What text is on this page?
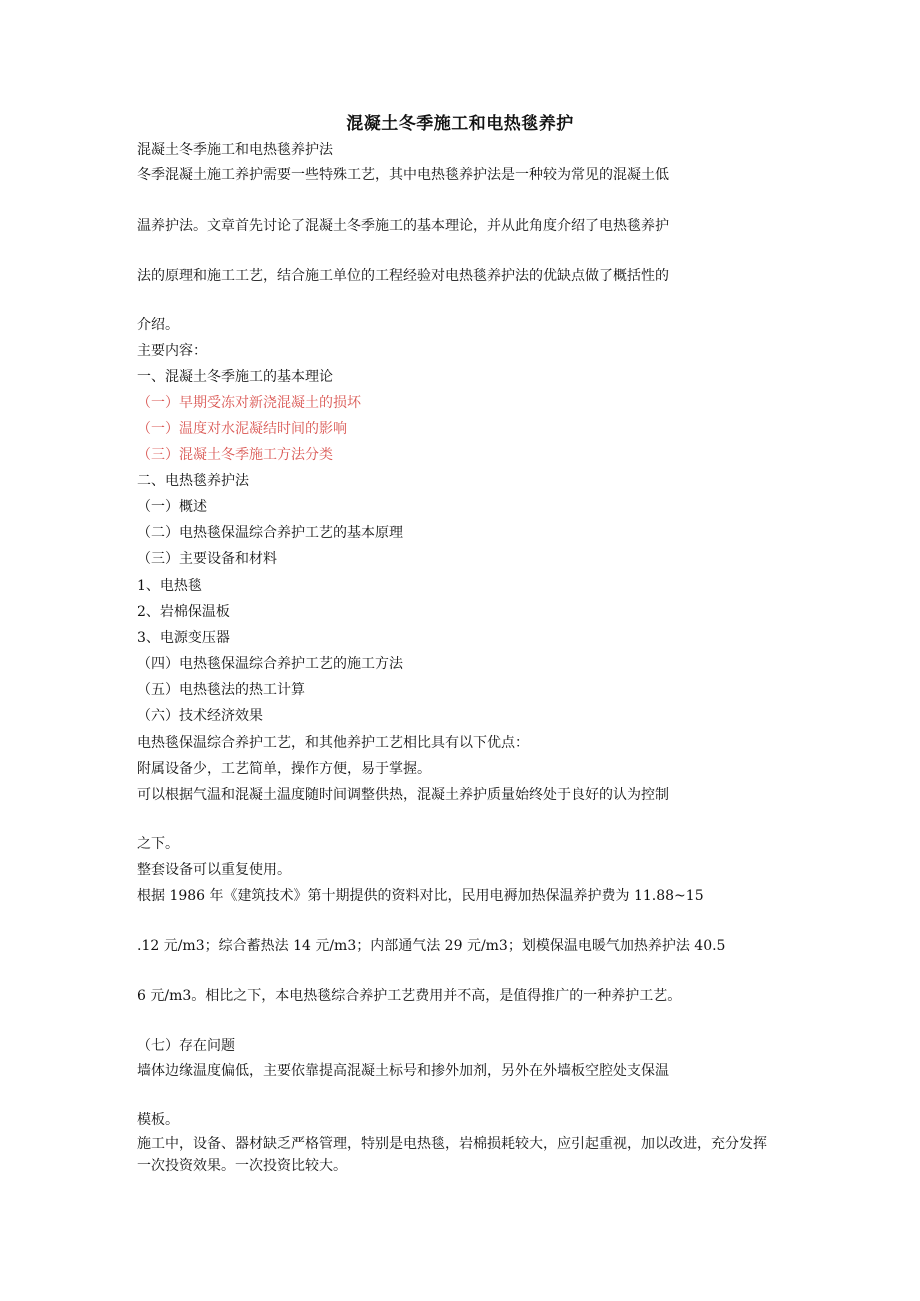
混凝土冬季施工和电热毯养护
混凝土冬季施工和电热毯养护法
冬季混凝土施工养护需要一些特殊工艺，其中电热毯养护法是一种较为常见的混凝土低
温养护法。文章首先讨论了混凝土冬季施工的基本理论，并从此角度介绍了电热毯养护
法的原理和施工工艺，结合施工单位的工程经验对电热毯养护法的优缺点做了概括性的
介绍。
主要内容：
一、混凝土冬季施工的基本理论
（一）早期受冻对新浇混凝土的损坏
（一）温度对水泥凝结时间的影响
（三）混凝土冬季施工方法分类
二、电热毯养护法
（一）概述
（二）电热毯保温综合养护工艺的基本原理
（三）主要设备和材料
1、电热毯
2、岩棉保温板
3、电源变压器
（四）电热毯保温综合养护工艺的施工方法
（五）电热毯法的热工计算
（六）技术经济效果
电热毯保温综合养护工艺，和其他养护工艺相比具有以下优点：
附属设备少，工艺简单，操作方便，易于掌握。
可以根据气温和混凝土温度随时间调整供热，混凝土养护质量始终处于良好的认为控制
之下。
整套设备可以重复使用。
根据 1986 年《建筑技术》第十期提供的资料对比，民用电褥加热保温养护费为 11.88~15
.12 元/m3；综合蓄热法 14 元/m3；内部通气法 29 元/m3；划模保温电暖气加热养护法 40.5
6 元/m3。相比之下，本电热毯综合养护工艺费用并不高，是值得推广的一种养护工艺。
（七）存在问题
墙体边缘温度偏低，主要依靠提高混凝土标号和掺外加剂，另外在外墙板空腔处支保温
模板。
施工中，设备、器材缺乏严格管理，特别是电热毯，岩棉损耗较大，应引起重视，加以改进，充分发挥一次投资效果。一次投资比较大。
